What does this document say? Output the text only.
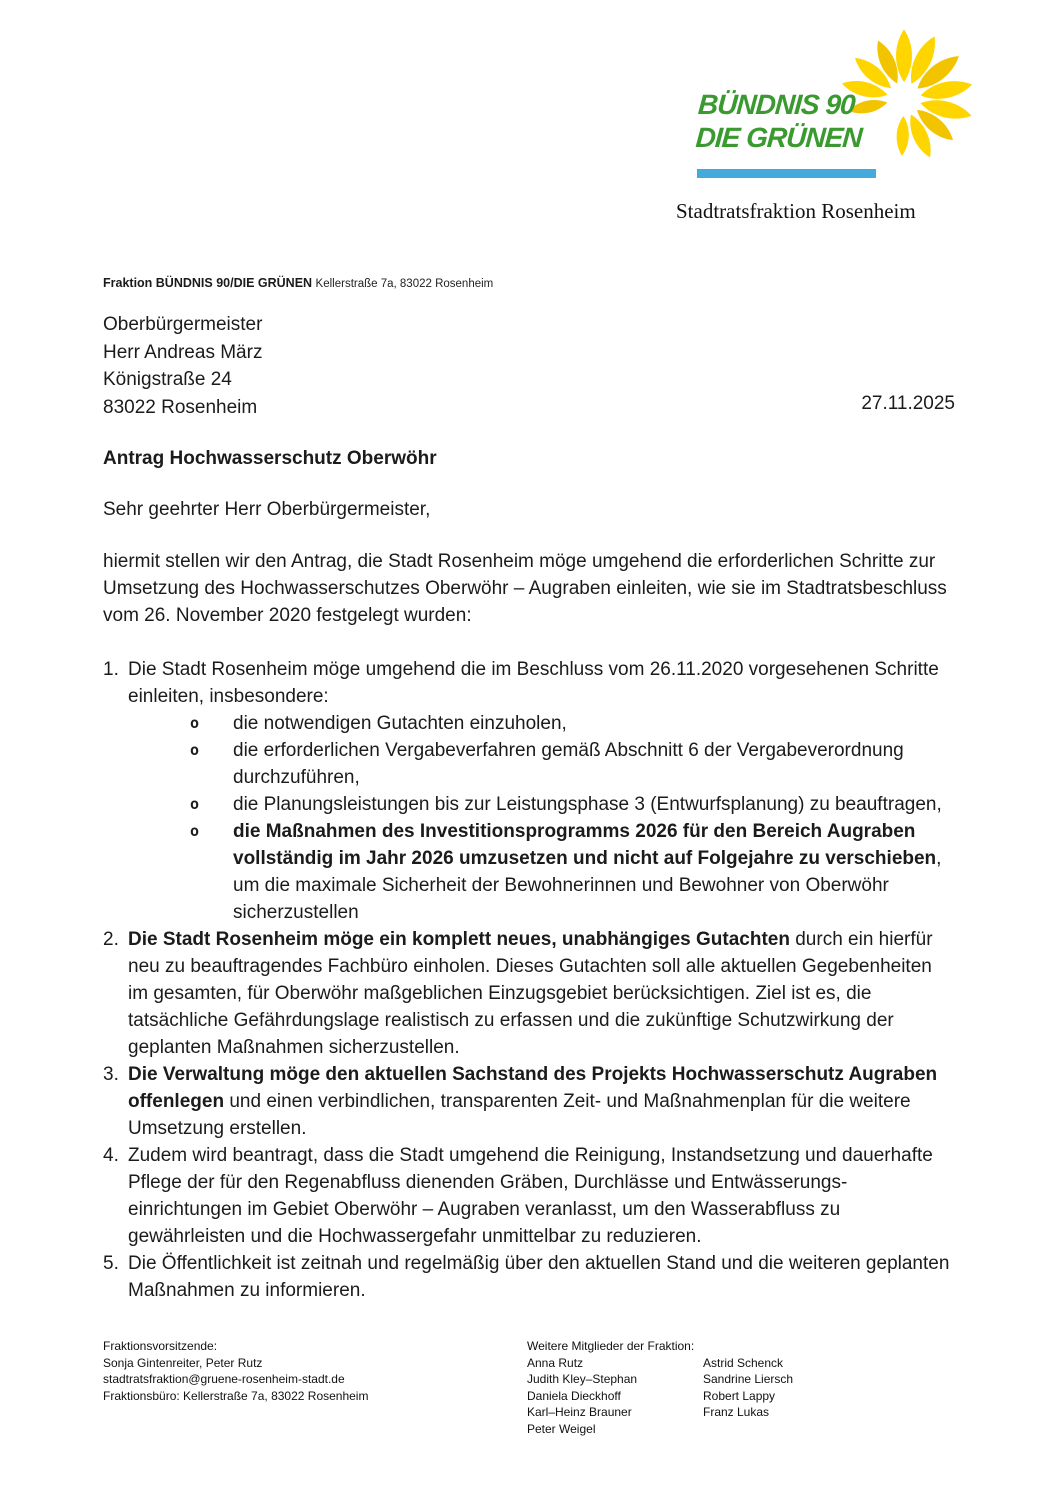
BÜNDNIS 90
DIE GRÜNEN
Stadtratsfraktion Rosenheim
Fraktion BÜNDNIS 90/DIE GRÜNEN Kellerstraße 7a, 83022 Rosenheim
Oberbürgermeister
Herr Andreas März
Königstraße 24
83022 Rosenheim	27.11.2025
Antrag Hochwasserschutz Oberwöhr
Sehr geehrter Herr Oberbürgermeister,

hiermit stellen wir den Antrag, die Stadt Rosenheim möge umgehend die erforderlichen Schritte zur Umsetzung des Hochwasserschutzes Oberwöhr – Augraben einleiten, wie sie im Stadtratsbeschluss vom 26. November 2020 festgelegt wurden:

1. Die Stadt Rosenheim möge umgehend die im Beschluss vom 26.11.2020 vorgesehenen Schritte einleiten, insbesondere:
o	die notwendigen Gutachten einzuholen,
o	die erforderlichen Vergabeverfahren gemäß Abschnitt 6 der Vergabeverordnung durchzuführen,
o	die Planungsleistungen bis zur Leistungsphase 3 (Entwurfsplanung) zu beauftragen,
o	die Maßnahmen des Investitionsprogramms 2026 für den Bereich Augraben vollständig im Jahr 2026 umzusetzen und nicht auf Folgejahre zu verschieben, um die maximale Sicherheit der Bewohnerinnen und Bewohner von Oberwöhr sicherzustellen
2. Die Stadt Rosenheim möge ein komplett neues, unabhängiges Gutachten durch ein hierfür neu zu beauftragendes Fachbüro einholen. Dieses Gutachten soll alle aktuellen Gegebenheiten im gesamten, für Oberwöhr maßgeblichen Einzugsgebiet berücksichtigen. Ziel ist es, die tatsächliche Gefährdungslage realistisch zu erfassen und die zukünftige Schutzwirkung der geplanten Maßnahmen sicherzustellen.
3. Die Verwaltung möge den aktuellen Sachstand des Projekts Hochwasserschutz Augraben offenlegen und einen verbindlichen, transparenten Zeit- und Maßnahmenplan für die weitere Umsetzung erstellen.
4. Zudem wird beantragt, dass die Stadt umgehend die Reinigung, Instandsetzung und dauerhafte Pflege der für den Regenabfluss dienenden Gräben, Durchlässe und Entwässerungs-einrichtungen im Gebiet Oberwöhr – Augraben veranlasst, um den Wasserabfluss zu gewährleisten und die Hochwassergefahr unmittelbar zu reduzieren.
5. Die Öffentlichkeit ist zeitnah und regelmäßig über den aktuellen Stand und die weiteren geplanten Maßnahmen zu informieren.
Fraktionsvorsitzende:
Sonja Gintenreiter, Peter Rutz
stadtratsfraktion@gruene-rosenheim-stadt.de
Fraktionsbüro: Kellerstraße 7a, 83022 Rosenheim
Weitere Mitglieder der Fraktion:
Anna Rutz
Judith Kley–Stephan
Daniela Dieckhoff
Karl–Heinz Brauner
Peter Weigel
Astrid Schenck
Sandrine Liersch
Robert Lappy
Franz Lukas
